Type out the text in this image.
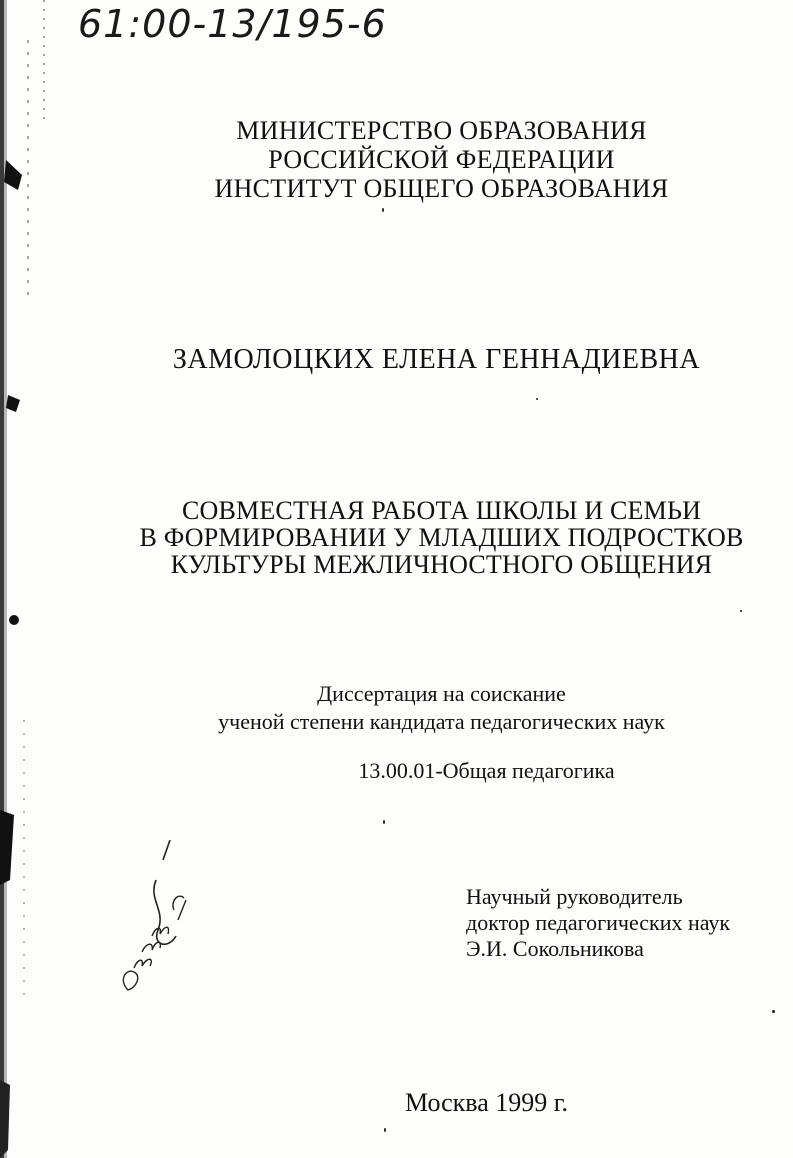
61:00-13/195-6
МИНИСТЕРСТВО ОБРАЗОВАНИЯ
РОССИЙСКОЙ ФЕДЕРАЦИИ
ИНСТИТУТ ОБЩЕГО ОБРАЗОВАНИЯ
ЗАМОЛОЦКИХ ЕЛЕНА ГЕННАДИЕВНА
СОВМЕСТНАЯ РАБОТА ШКОЛЫ И СЕМЬИ
В ФОРМИРОВАНИИ У МЛАДШИХ ПОДРОСТКОВ
КУЛЬТУРЫ МЕЖЛИЧНОСТНОГО ОБЩЕНИЯ
Диссертация на соискание
ученой степени кандидата педагогических наук
13.00.01-Общая педагогика
Научный руководитель
доктор педагогических наук
Э.И. Сокольникова
Москва 1999 г.
